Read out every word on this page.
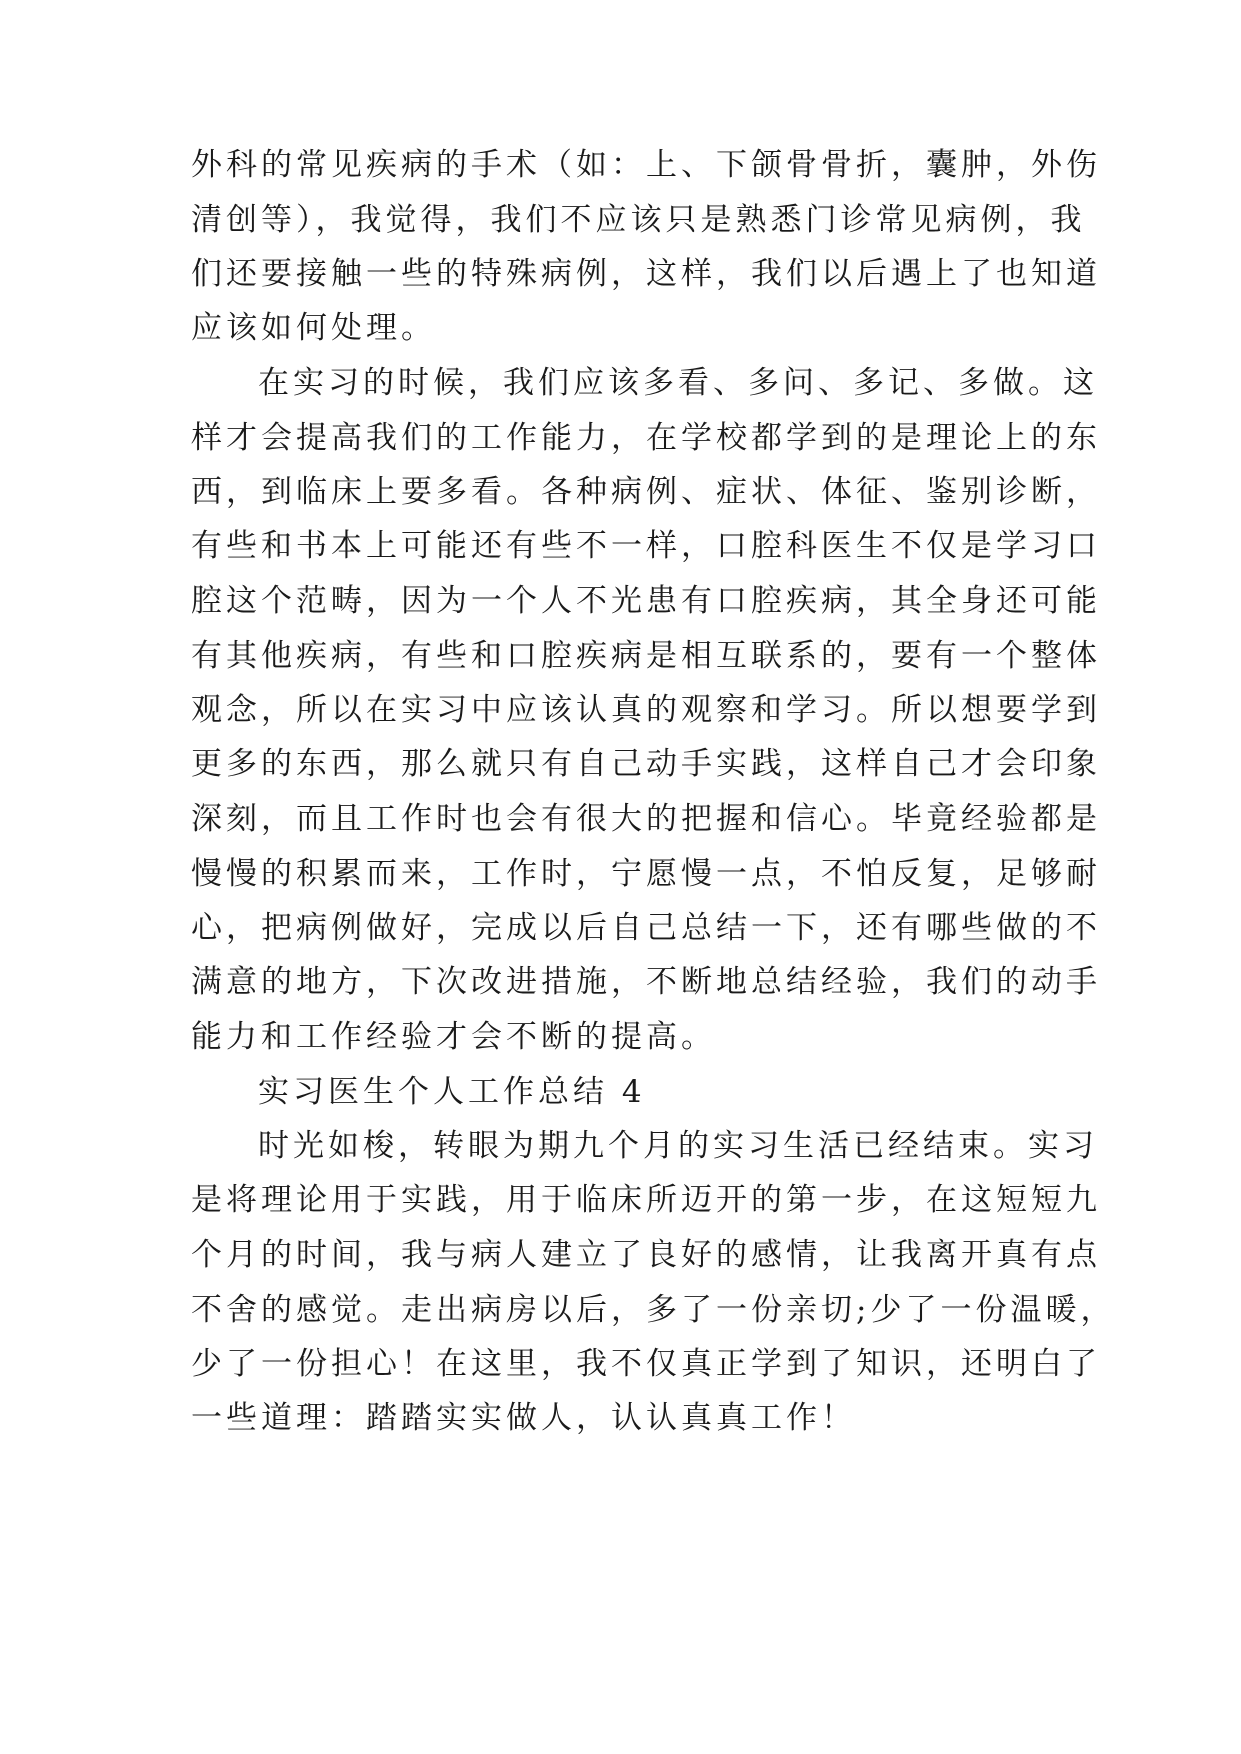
外科的常见疾病的手术（如：上、下颌骨骨折，囊肿，外伤
清创等），我觉得，我们不应该只是熟悉门诊常见病例，我
们还要接触一些的特殊病例，这样，我们以后遇上了也知道
应该如何处理。
在实习的时候，我们应该多看、多问、多记、多做。这
样才会提高我们的工作能力，在学校都学到的是理论上的东
西，到临床上要多看。各种病例、症状、体征、鉴别诊断，
有些和书本上可能还有些不一样，口腔科医生不仅是学习口
腔这个范畴，因为一个人不光患有口腔疾病，其全身还可能
有其他疾病，有些和口腔疾病是相互联系的，要有一个整体
观念，所以在实习中应该认真的观察和学习。所以想要学到
更多的东西，那么就只有自己动手实践，这样自己才会印象
深刻，而且工作时也会有很大的把握和信心。毕竟经验都是
慢慢的积累而来，工作时，宁愿慢一点，不怕反复，足够耐
心，把病例做好，完成以后自己总结一下，还有哪些做的不
满意的地方，下次改进措施，不断地总结经验，我们的动手
能力和工作经验才会不断的提高。
实习医生个人工作总结 4
时光如梭，转眼为期九个月的实习生活已经结束。实习
是将理论用于实践，用于临床所迈开的第一步，在这短短九
个月的时间，我与病人建立了良好的感情，让我离开真有点
不舍的感觉。走出病房以后，多了一份亲切;少了一份温暖，
少了一份担心！在这里，我不仅真正学到了知识，还明白了
一些道理：踏踏实实做人，认认真真工作！
